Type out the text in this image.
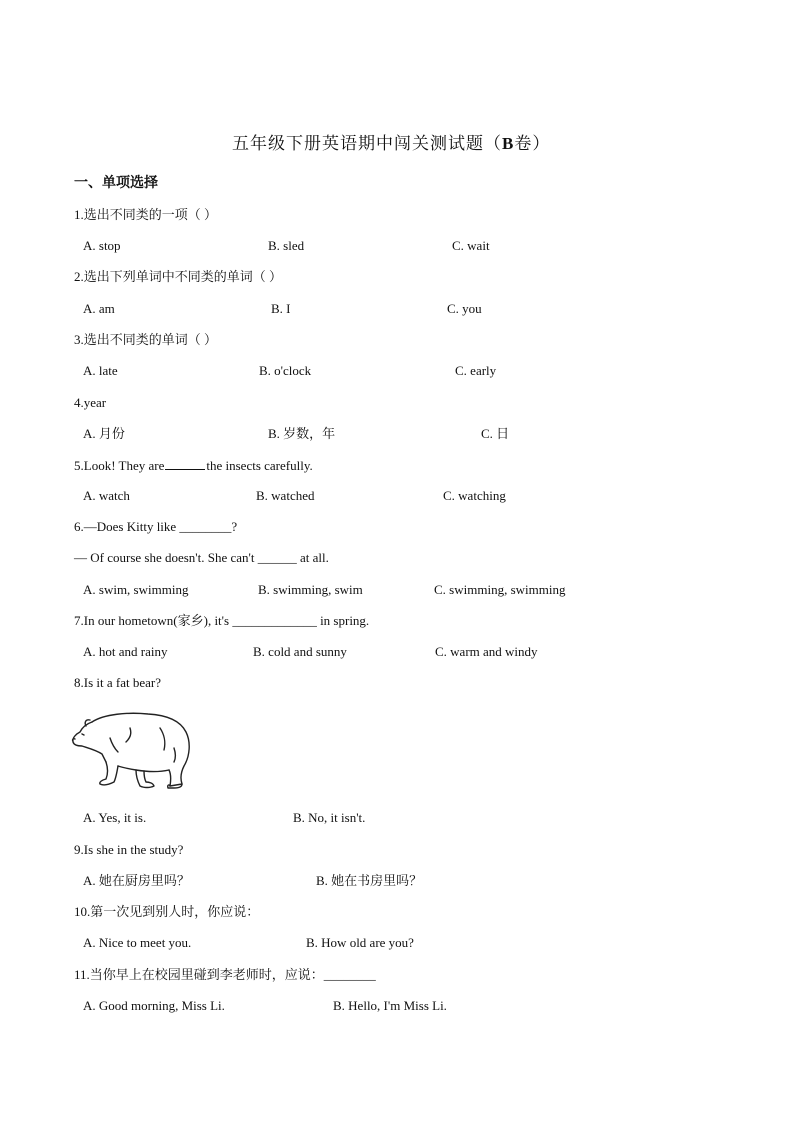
五年级下册英语期中闯关测试题（B卷）
一、单项选择
1.选出不同类的一项（ ）
A. stop	B. sled	C. wait
2.选出下列单词中不同类的单词（ ）
A. am	B. I	C. you
3.选出不同类的单词（ ）
A. late	B. o'clock	C. early
4.year
A. 月份	B. 岁数，年	C. 日
5.Look! They are	the insects carefully.
A. watch	B. watched	C. watching
6.—Does Kitty like ________?
— Of course she doesn't. She can't ______ at all.
A. swim, swimming	B. swimming, swim	C. swimming, swimming
7.In our hometown(家乡), it's _____________ in spring.
A. hot and rainy	B. cold and sunny	C. warm and windy
8.Is it a fat bear?
A. Yes, it is.	B. No, it isn't.
9.Is she in the study?
A. 她在厨房里吗？	B. 她在书房里吗？
10.第一次见到别人时，你应说：
A. Nice to meet you.	B. How old are you?
11.当你早上在校园里碰到李老师时，应说：________
A. Good morning, Miss Li.	B. Hello, I'm Miss Li.
